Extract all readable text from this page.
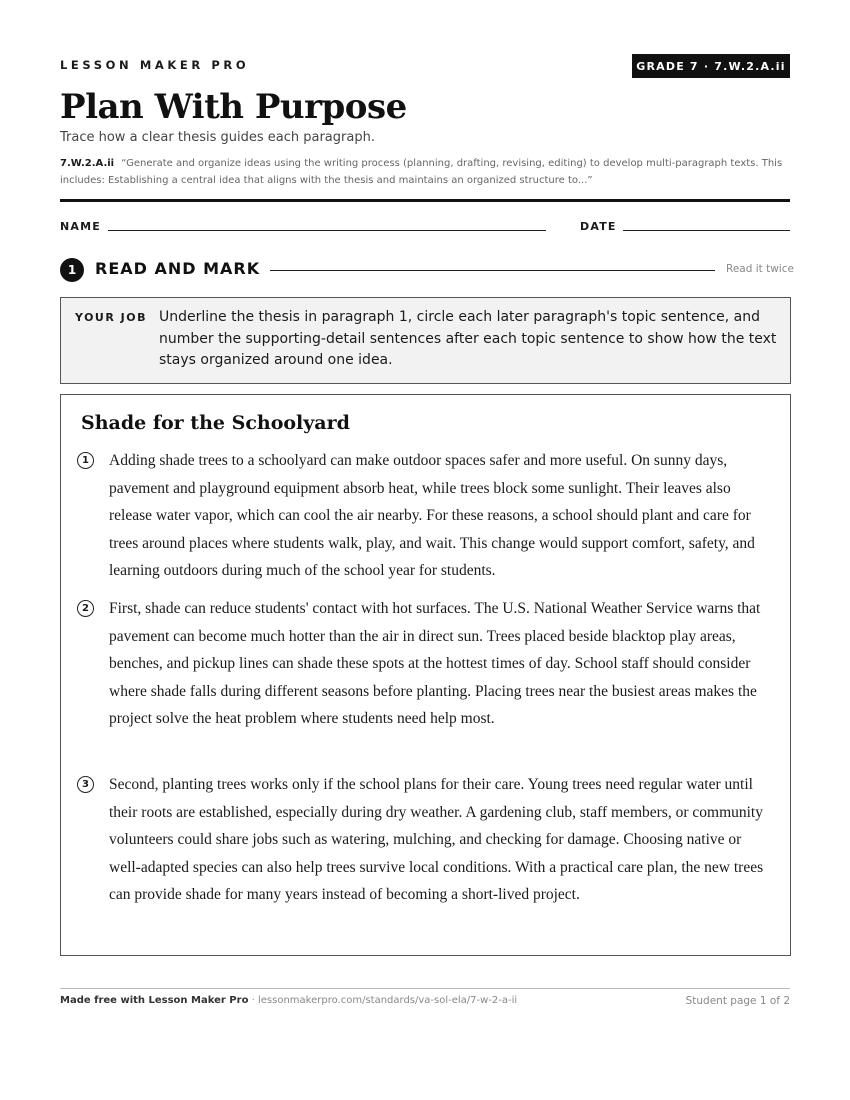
LESSON MAKER PRO	GRADE 7 · 7.W.2.A.ii
Plan With Purpose
Trace how a clear thesis guides each paragraph.
7.W.2.A.ii “Generate and organize ideas using the writing process (planning, drafting, revising, editing) to develop multi-paragraph texts. This includes: Establishing a central idea that aligns with the thesis and maintains an organized structure to...”
NAME	DATE
1	READ AND MARK	Read it twice
YOUR JOB Underline the thesis in paragraph 1, circle each later paragraph's topic sentence, and number the supporting-detail sentences after each topic sentence to show how the text stays organized around one idea.
Shade for the Schoolyard
1	Adding shade trees to a schoolyard can make outdoor spaces safer and more useful. On sunny days, pavement and playground equipment absorb heat, while trees block some sunlight. Their leaves also release water vapor, which can cool the air nearby. For these reasons, a school should plant and care for trees around places where students walk, play, and wait. This change would support comfort, safety, and learning outdoors during much of the school year for students.
2	First, shade can reduce students' contact with hot surfaces. The U.S. National Weather Service warns that pavement can become much hotter than the air in direct sun. Trees placed beside blacktop play areas, benches, and pickup lines can shade these spots at the hottest times of day. School staff should consider where shade falls during different seasons before planting. Placing trees near the busiest areas makes the project solve the heat problem where students need help most.
3	Second, planting trees works only if the school plans for their care. Young trees need regular water until their roots are established, especially during dry weather. A gardening club, staff members, or community volunteers could share jobs such as watering, mulching, and checking for damage. Choosing native or well-adapted species can also help trees survive local conditions. With a practical care plan, the new trees can provide shade for many years instead of becoming a short-lived project.
Made free with Lesson Maker Pro · lessonmakerpro.com/standards/va-sol-ela/7-w-2-a-ii	Student page 1 of 2
